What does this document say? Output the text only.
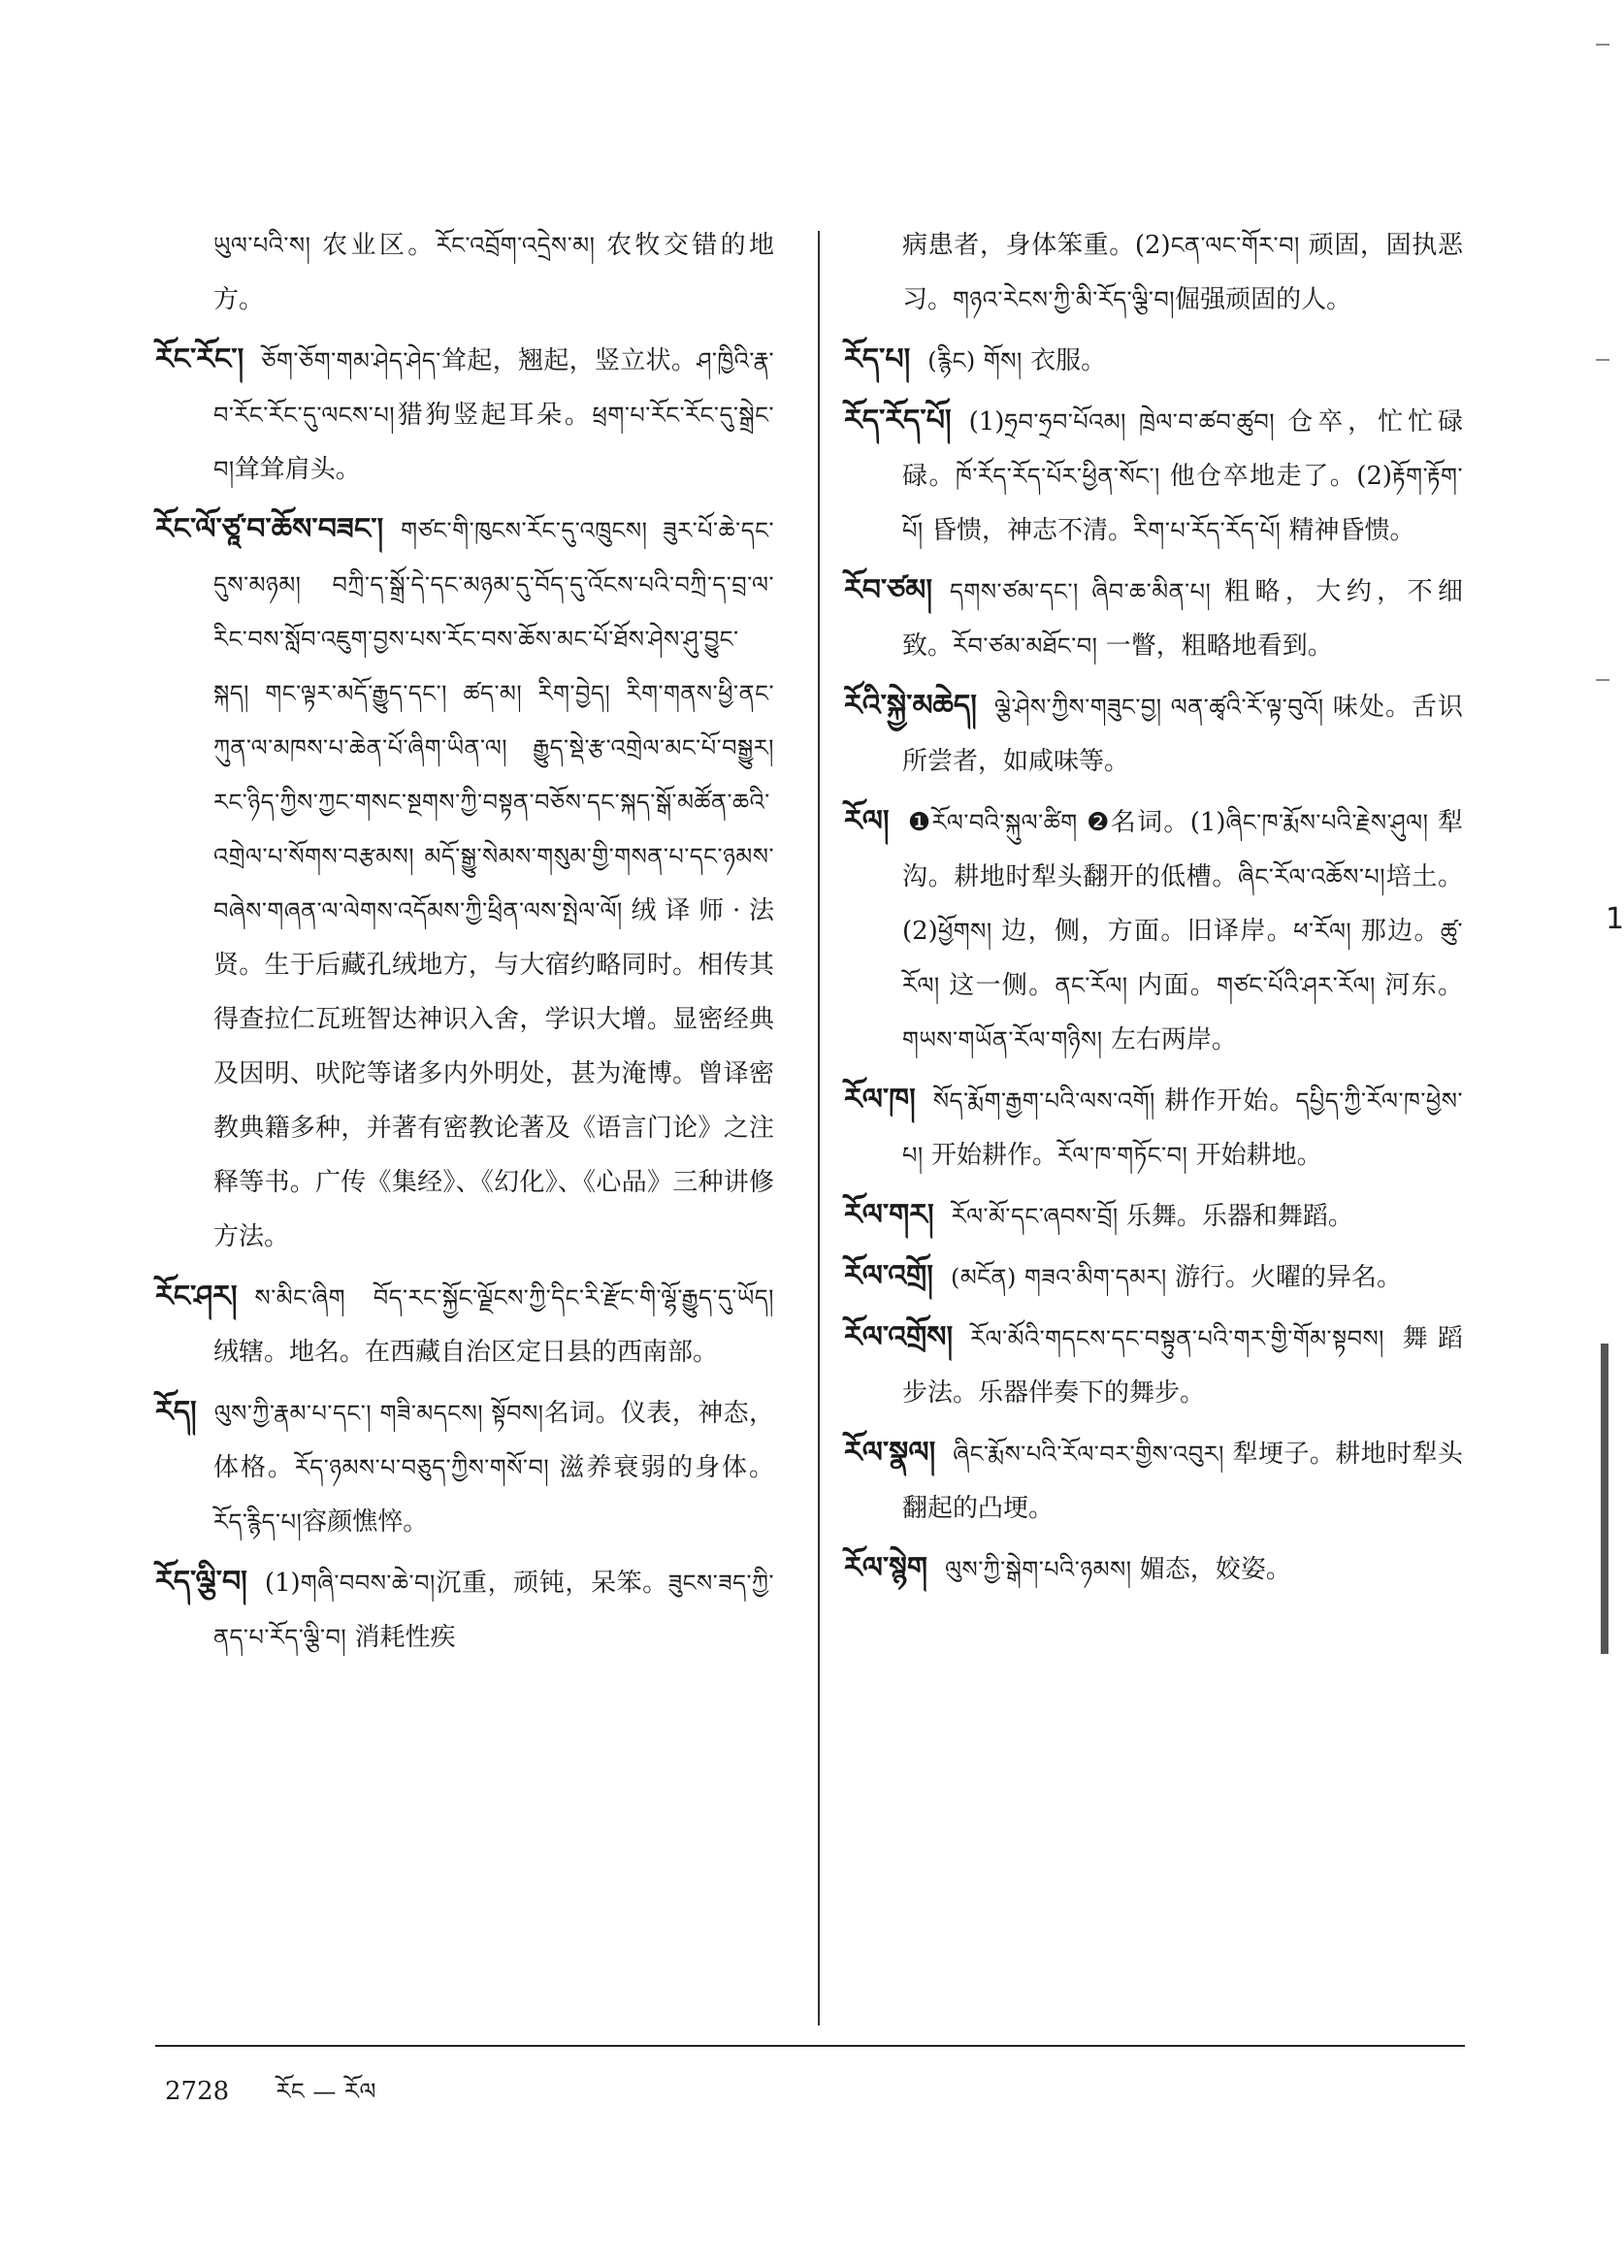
ཡུལ་པའི་ས། 农业区。རོང་འབྲོག་འདྲེས་མ། 农牧交错的地方。

རོང་རོང་། ཅོག་ཅོག་གམ་ཤེད་ཤེད་耸起，翘起，竖立状。ཤ་ཁྱིའི་རྣ་བ་རོང་རོང་དུ་ལངས་པ།猎狗竖起耳朵。ཕྲག་པ་རོང་རོང་དུ་སྒྲེང་བ།耸耸肩头。

རོང་ལོ་ཙཱ་བ་ཆོས་བཟང་། གཙང་གི་ཁུངས་རོང་དུ་འཁྲུངས། ཟུར་པོ་ཆེ་དང་དུས་མཉམ། བཀྲི་ད་སྒྲོ་དེ་དང་མཉམ་དུ་བོད་དུ་འོངས་པའི་བཀྲི་ད་བྲ་ལ་རིང་བས་སློབ་འཇུག་བྱས་པས་རོང་བས་ཆོས་མང་པོ་ཐོས་ཤེས་ཤུ་བྱུང་སྐད། གང་ལྟར་མདོ་རྒྱུད་དང་། ཚད་མ། རིག་བྱེད། རིག་གནས་ཕྱི་ནང་ཀུན་ལ་མཁས་པ་ཆེན་པོ་ཞིག་ཡིན་ལ། རྒྱུད་སྡེ་རྩ་འགྲེལ་མང་པོ་བསྒྱུར། རང་ཉིད་ཀྱིས་ཀྱང་གསང་སྔགས་ཀྱི་བསྟན་བཅོས་དང་སྐད་སྒོ་མཚོན་ཆའི་འགྲེལ་པ་སོགས་བརྩམས། མདོ་སྒྱུ་སེམས་གསུམ་གྱི་གསན་པ་དང་ཉམས་བཞེས་གཞན་ལ་ལེགས་འདོམས་ཀྱི་ཕྲིན་ལས་སྤེལ་ལོ།绒译师·法贤。生于后藏孔绒地方，与大宿约略同时。相传其得查拉仁瓦班智达神识入舍，学识大增。显密经典及因明、吠陀等诸多内外明处，甚为淹博。曾译密教典籍多种，并著有密教论著及《语言门论》之注释等书。广传《集经》、《幻化》、《心品》三种讲修方法。

རོང་ཤར། ས་མིང་ཞིག བོད་རང་སྐྱོང་ལྗོངས་ཀྱི་དིང་རི་རྫོང་གི་ལྷོ་རྒྱུད་དུ་ཡོད། 绒辖。地名。在西藏自治区定日县的西南部。

རོད། ལུས་ཀྱི་རྣམ་པ་དང་། གཟི་མདངས། སྟོབས།名词。仪表，神态，体格。རོད་ཉམས་པ་བཅུད་ཀྱིས་གསོ་བ། 滋养衰弱的身体。རོད་རྙིད་པ།容颜憔悴。

རོད་ལྕི་བ། (1)གཞི་བབས་ཆེ་བ།沉重，顽钝，呆笨。ཟུངས་ཟད་ཀྱི་ནད་པ་རོད་ལྕི་བ། 消耗性疾

病患者，身体笨重。(2)ངན་ལང་གོར་བ། 顽固，固执恶习。གཉའ་རེངས་ཀྱི་མི་རོད་ལྕི་བ།倔强顽固的人。

རོད་པ། (རྙིང) གོས། 衣服。

རོད་རོད་པོ། (1)ཧྲབ་ཧྲབ་པོའམ། ཁྲེལ་བ་ཚབ་ཚུབ། 仓卒，忙忙碌碌。ཁོ་རོད་རོད་པོར་ཕྱིན་སོང་། 他仓卒地走了。(2)རྟོག་རྟོག་པོ། 昏愦，神志不清。རིག་པ་རོད་རོད་པོ། 精神昏愦。

རོབ་ཙམ། དགས་ཙམ་དང་། ཞིབ་ཆ་མིན་པ། 粗略，大约，不细致。རོབ་ཙམ་མཐོང་བ། 一瞥，粗略地看到。

རོའི་སྐྱེ་མཆེད། ལྕེ་ཤེས་ཀྱིས་གཟུང་བྱ། ལན་ཚྭའི་རོ་ལྟ་བུའོ། 味处。舌识所尝者，如咸味等。

རོལ། ❶རོལ་བའི་སྐུལ་ཚིག ❷名词。(1)ཞིང་ཁ་རྨོས་པའི་རྗེས་ཤུལ། 犁沟。耕地时犁头翻开的低槽。ཞིང་རོལ་འཆོས་པ།培土。(2)ཕྱོགས། 边，侧，方面。旧译岸。ཕ་རོལ། 那边。ཚུ་རོལ། 这一侧。ནང་རོལ། 内面。གཙང་པོའི་ཤར་རོལ། 河东。གཡས་གཡོན་རོལ་གཉིས། 左右两岸。

རོལ་ཁ། སོད་རྨོག་རྒྱག་པའི་ལས་འགོ། 耕作开始。དཔྱིད་ཀྱི་རོལ་ཁ་ཕྱེས་པ། 开始耕作。རོལ་ཁ་གཏོང་བ། 开始耕地。

རོལ་གར། རོལ་མོ་དང་ཞབས་བྲོ། 乐舞。乐器和舞蹈。

རོལ་འགྲོ། (མངོན) གཟའ་མིག་དམར། 游行。火曜的异名。

རོལ་འགྲོས། རོལ་མོའི་གདངས་དང་བསྟུན་པའི་གར་གྱི་གོམ་སྟབས། 舞蹈步法。乐器伴奏下的舞步。

རོལ་སྣལ། ཞིང་རྨོས་པའི་རོལ་བར་གྱིས་འབུར། 犁埂子。耕地时犁头翻起的凸埂。

རོལ་སྙེག ལུས་ཀྱི་སྒེག་པའི་ཉམས། 媚态，姣姿。

2728 རོང — རོལ
1
